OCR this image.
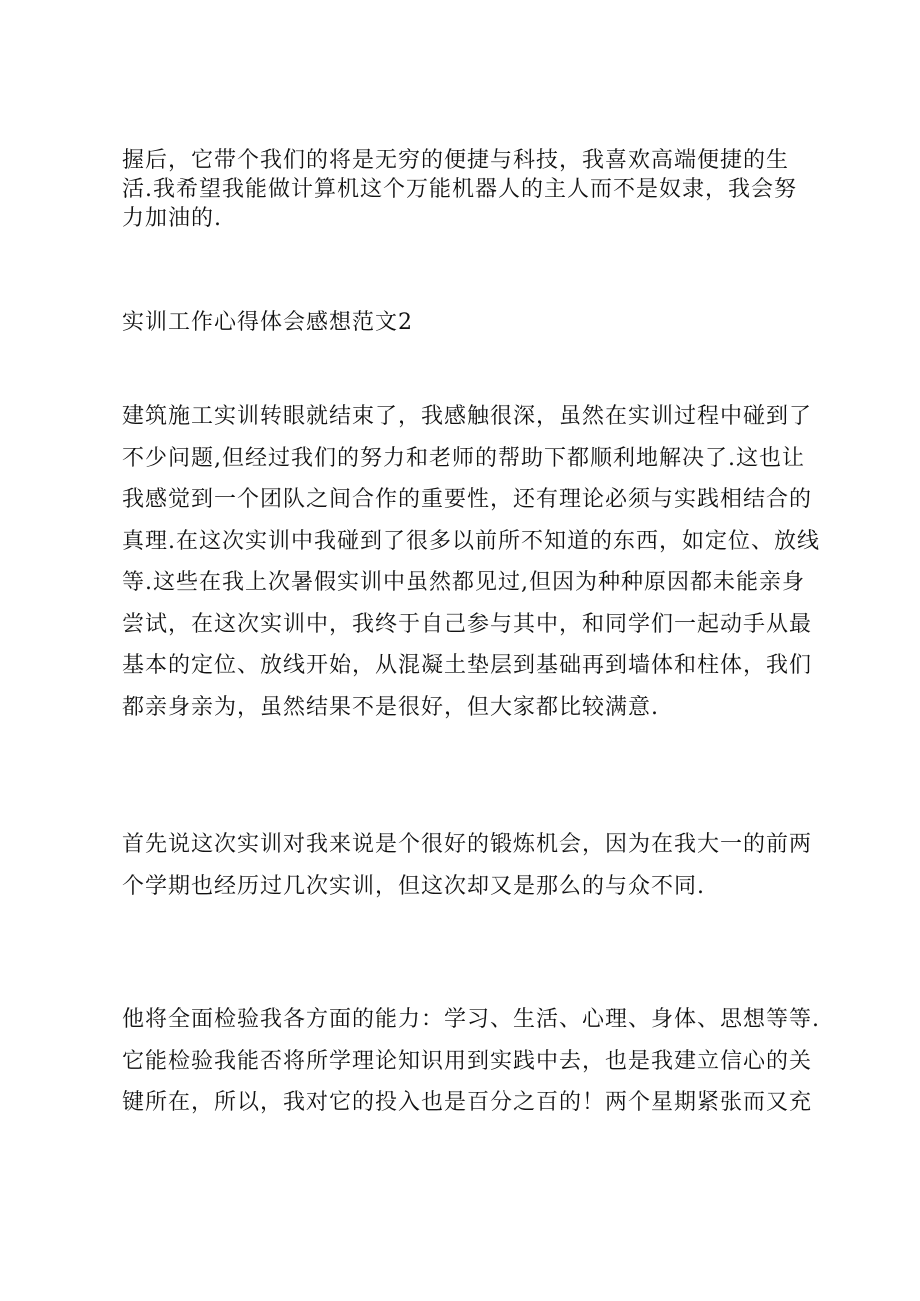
握后，它带个我们的将是无穷的便捷与科技，我喜欢高端便捷的生
活.我希望我能做计算机这个万能机器人的主人而不是奴隶，我会努
力加油的.
实训工作心得体会感想范文2
建筑施工实训转眼就结束了，我感触很深，虽然在实训过程中碰到了
不少问题,但经过我们的努力和老师的帮助下都顺利地解决了.这也让
我感觉到一个团队之间合作的重要性，还有理论必须与实践相结合的
真理.在这次实训中我碰到了很多以前所不知道的东西，如定位、放线
等.这些在我上次暑假实训中虽然都见过,但因为种种原因都未能亲身
尝试，在这次实训中，我终于自己参与其中，和同学们一起动手从最
基本的定位、放线开始，从混凝土垫层到基础再到墙体和柱体，我们
都亲身亲为，虽然结果不是很好，但大家都比较满意.
首先说这次实训对我来说是个很好的锻炼机会，因为在我大一的前两
个学期也经历过几次实训，但这次却又是那么的与众不同.
他将全面检验我各方面的能力：学习、生活、心理、身体、思想等等.
它能检验我能否将所学理论知识用到实践中去，也是我建立信心的关
键所在，所以，我对它的投入也是百分之百的！两个星期紧张而又充
